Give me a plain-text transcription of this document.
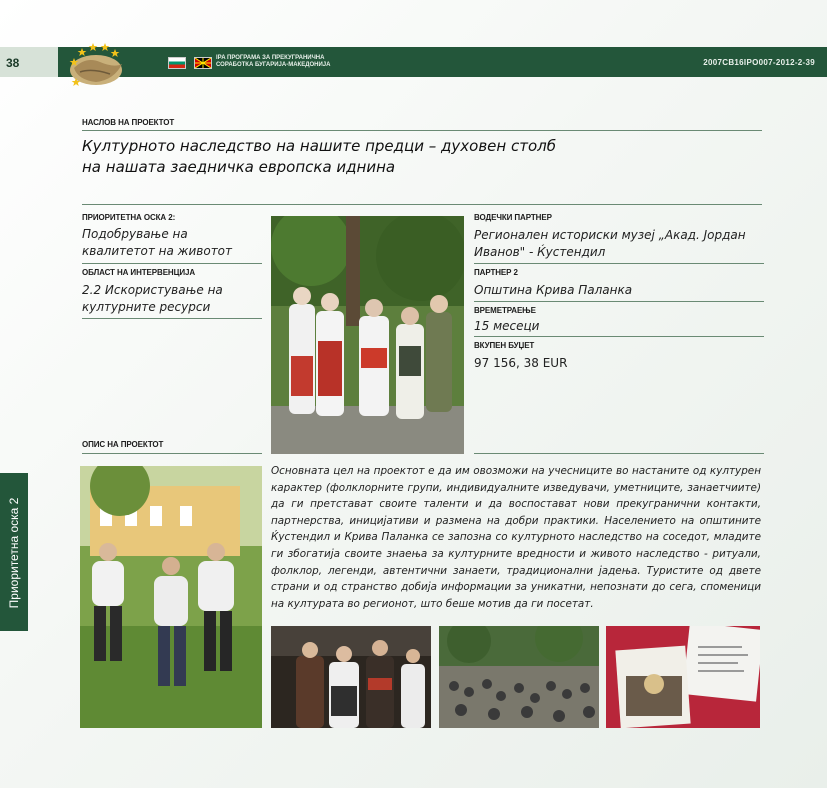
38	-	IPA ПРОГРАМА ЗА ПРЕКУГРАНИЧНА СОРАБОТКА БУГАРИЈА-МАКЕДОНИЈА	2007CB16IPO007-2012-2-39
НАСЛОВ НА ПРОЕКТОТ
Културното наследство на нашите предци – духовен столб
на нашата заедничка европска иднина
ПРИОРИТЕТНА ОСКА 2:
Подобрување на
квалитетот на животот
ОБЛАСТ НА ИНТЕРВЕНЦИЈА
2.2 Искористување на
културните ресурси
ВОДЕЧКИ ПАРТНЕР
Регионален историски музеј „Акад. Јордан
Иванов" - Ќустендил
ПАРТНЕР 2
Општина Крива Паланка
ВРЕМЕТРАЕЊЕ
15 месеци
ВКУПЕН БУЏЕТ
97 156, 38 EUR
ОПИС НА ПРОЕКТОТ
Основната цел на проектот е да им овозможи на учесниците во настаните од културен карактер (фолклорните групи, индивидуалните изведувачи, уметниците, занаетчиите) да ги претстават своите таленти и да воспостават нови прекугранични контакти, партнерства, иницијативи и размена на добри практики. Населението на општините Ќустендил и Крива Паланка се запозна со културното наследство на соседот, младите ги збогатија своите знаења за културните вредности и живото наследство - ритуали, фолклор, легенди, автентични занаети, традиционални јадења. Туристите од двете страни и од странство добија информации за уникатни, непознати до сега, споменици на културата во регионот, што беше мотив да ги посетат.
Приоритетна оска 2
